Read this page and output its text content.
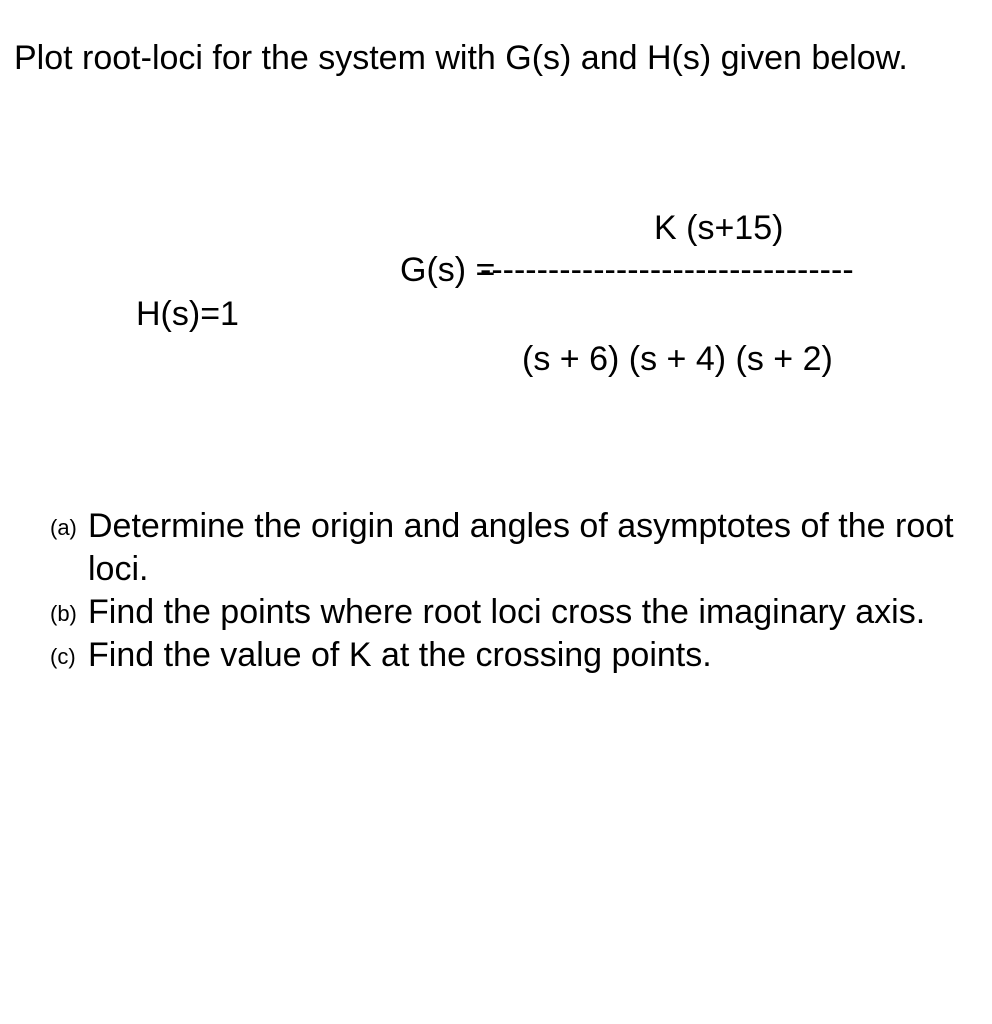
Plot root-loci for the system with G(s) and H(s) given below.

K (s+15)
G(s) =
---------------------------------
H(s)=1
(s + 6) (s + 4) (s + 2)
(a) Determine the origin and angles of asymptotes of the root loci.
(b) Find the points where root loci cross the imaginary axis.
(c) Find the value of K at the crossing points.
